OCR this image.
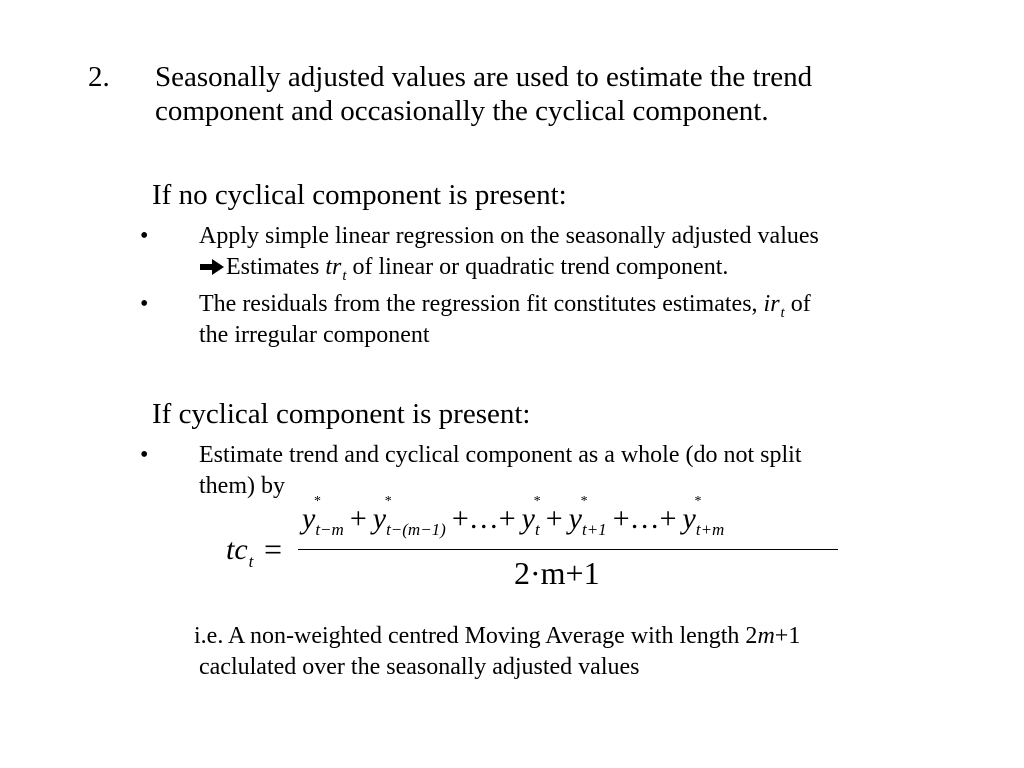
2. Seasonally adjusted values are used to estimate the trend
component and occasionally the cyclical component.
If no cyclical component is present:
• Apply simple linear regression on the seasonally adjusted values
Estimates $tr_t$ of linear or quadratic trend component.
• The residuals from the regression fit constitutes estimates, $ir_t$ of
the irregular component
If cyclical component is present:
• Estimate trend and cyclical component as a whole (do not split
them) by
$tc_t$ =
y
*
$_{t-m}$ + y
*
$_{t-(m-1)}$ +…+ y
*
$_t$ + y
*
$_{t+1}$ +…+ y
*
$_{t+m}$
2·m+1
i.e. A non-weighted centred Moving Average with length 2m+1
caclulated over the seasonally adjusted values
